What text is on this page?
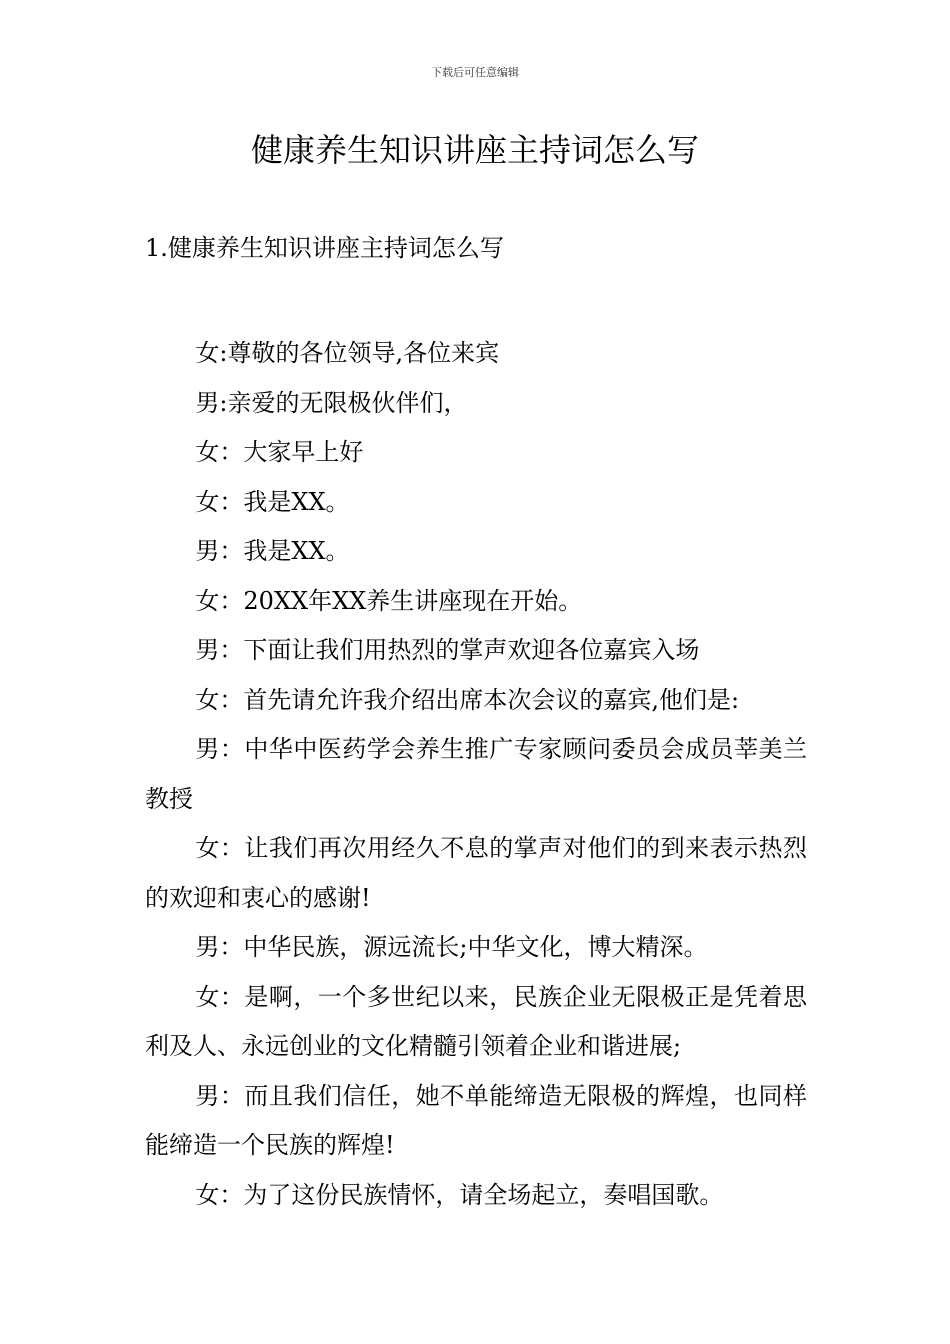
下载后可任意编辑
健康养生知识讲座主持词怎么写
1.健康养生知识讲座主持词怎么写

女:尊敬的各位领导,各位来宾

男:亲爱的无限极伙伴们，

女：大家早上好

女：我是XX。

男：我是XX。

女：20XX年XX养生讲座现在开始。

男：下面让我们用热烈的掌声欢迎各位嘉宾入场

女：首先请允许我介绍出席本次会议的嘉宾,他们是:

男：中华中医药学会养生推广专家顾问委员会成员莘美兰教授

女：让我们再次用经久不息的掌声对他们的到来表示热烈的欢迎和衷心的感谢!

男：中华民族，源远流长;中华文化，博大精深。

女：是啊，一个多世纪以来，民族企业无限极正是凭着思利及人、永远创业的文化精髓引领着企业和谐进展;

男：而且我们信任，她不单能缔造无限极的辉煌，也同样能缔造一个民族的辉煌!

女：为了这份民族情怀，请全场起立，奏唱国歌。
